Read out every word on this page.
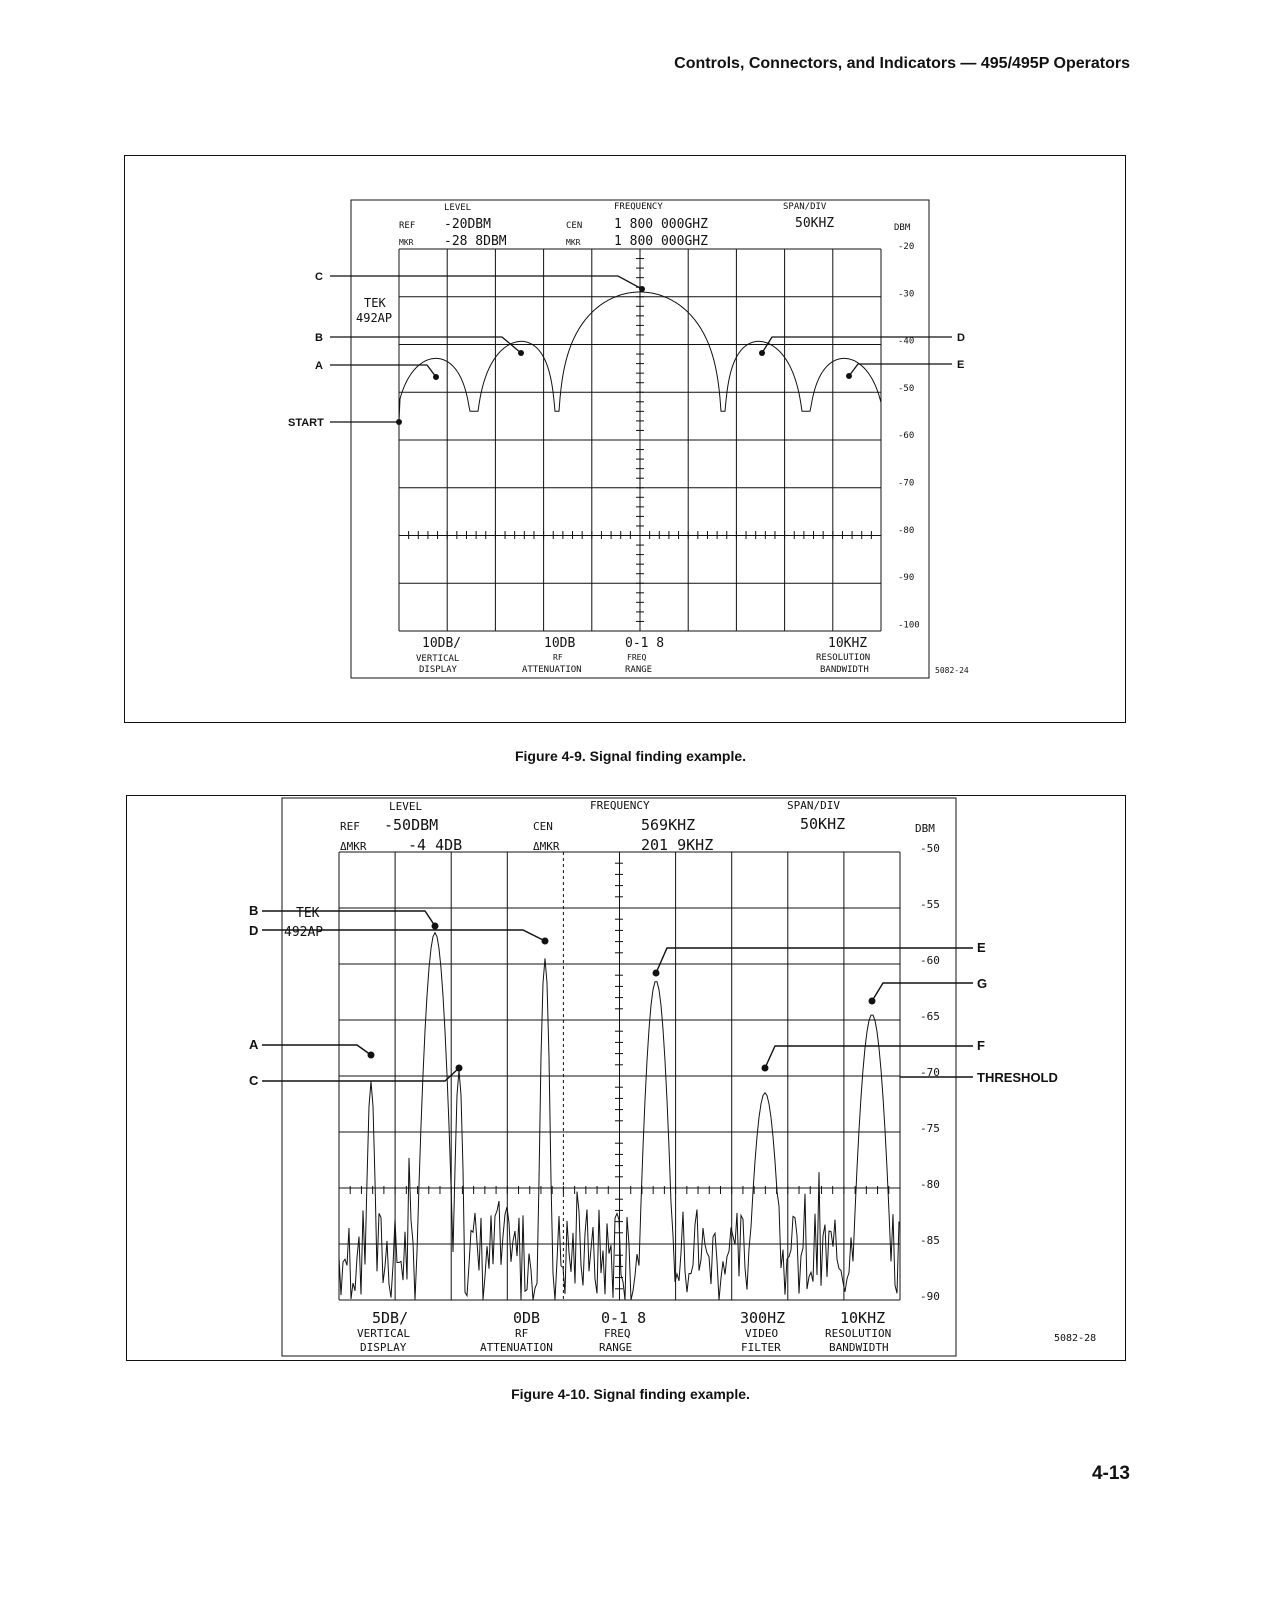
Controls, Connectors, and Indicators — 495/495P Operators
LEVEL	FREQUENCY	SPAN/DIV
REF -20DBM
MKR -28 8DBM
CEN 1 800 000GHZ
MKR	1 800 000GHZ
50KHZ	DBM
-20
-30
-40
-50
-60
-70
-80
-90
-100
TEK
492AP
10DB/
VERTICAL
DISPLAY
10DB
RF
ATTENUATION
0-1 8
FREQ
RANGE
10KHZ
RESOLUTION
BANDWIDTH	5082-24
C
B
A
START
D
E
Figure 4-9. Signal finding example.
LEVEL	FREQUENCY	SPAN/DIV
REF -50DBM
ΔMKR	-4 4DB
CEN	569KHZ
ΔMKR	201 9KHZ
50KHZ	DBM
-50
-55
-60
-65
-70
-75
-80
-85
-90
TEK
492AP
5DB/
VERTICAL
DISPLAY
0DB
RF
ATTENUATION
0-1 8
FREQ
RANGE
300HZ
VIDEO
FILTER
10KHZ
RESOLUTION
BANDWIDTH
5082-28
B
D
A
C
E
G
F
THRESHOLD
Figure 4-10. Signal finding example.
4-13
